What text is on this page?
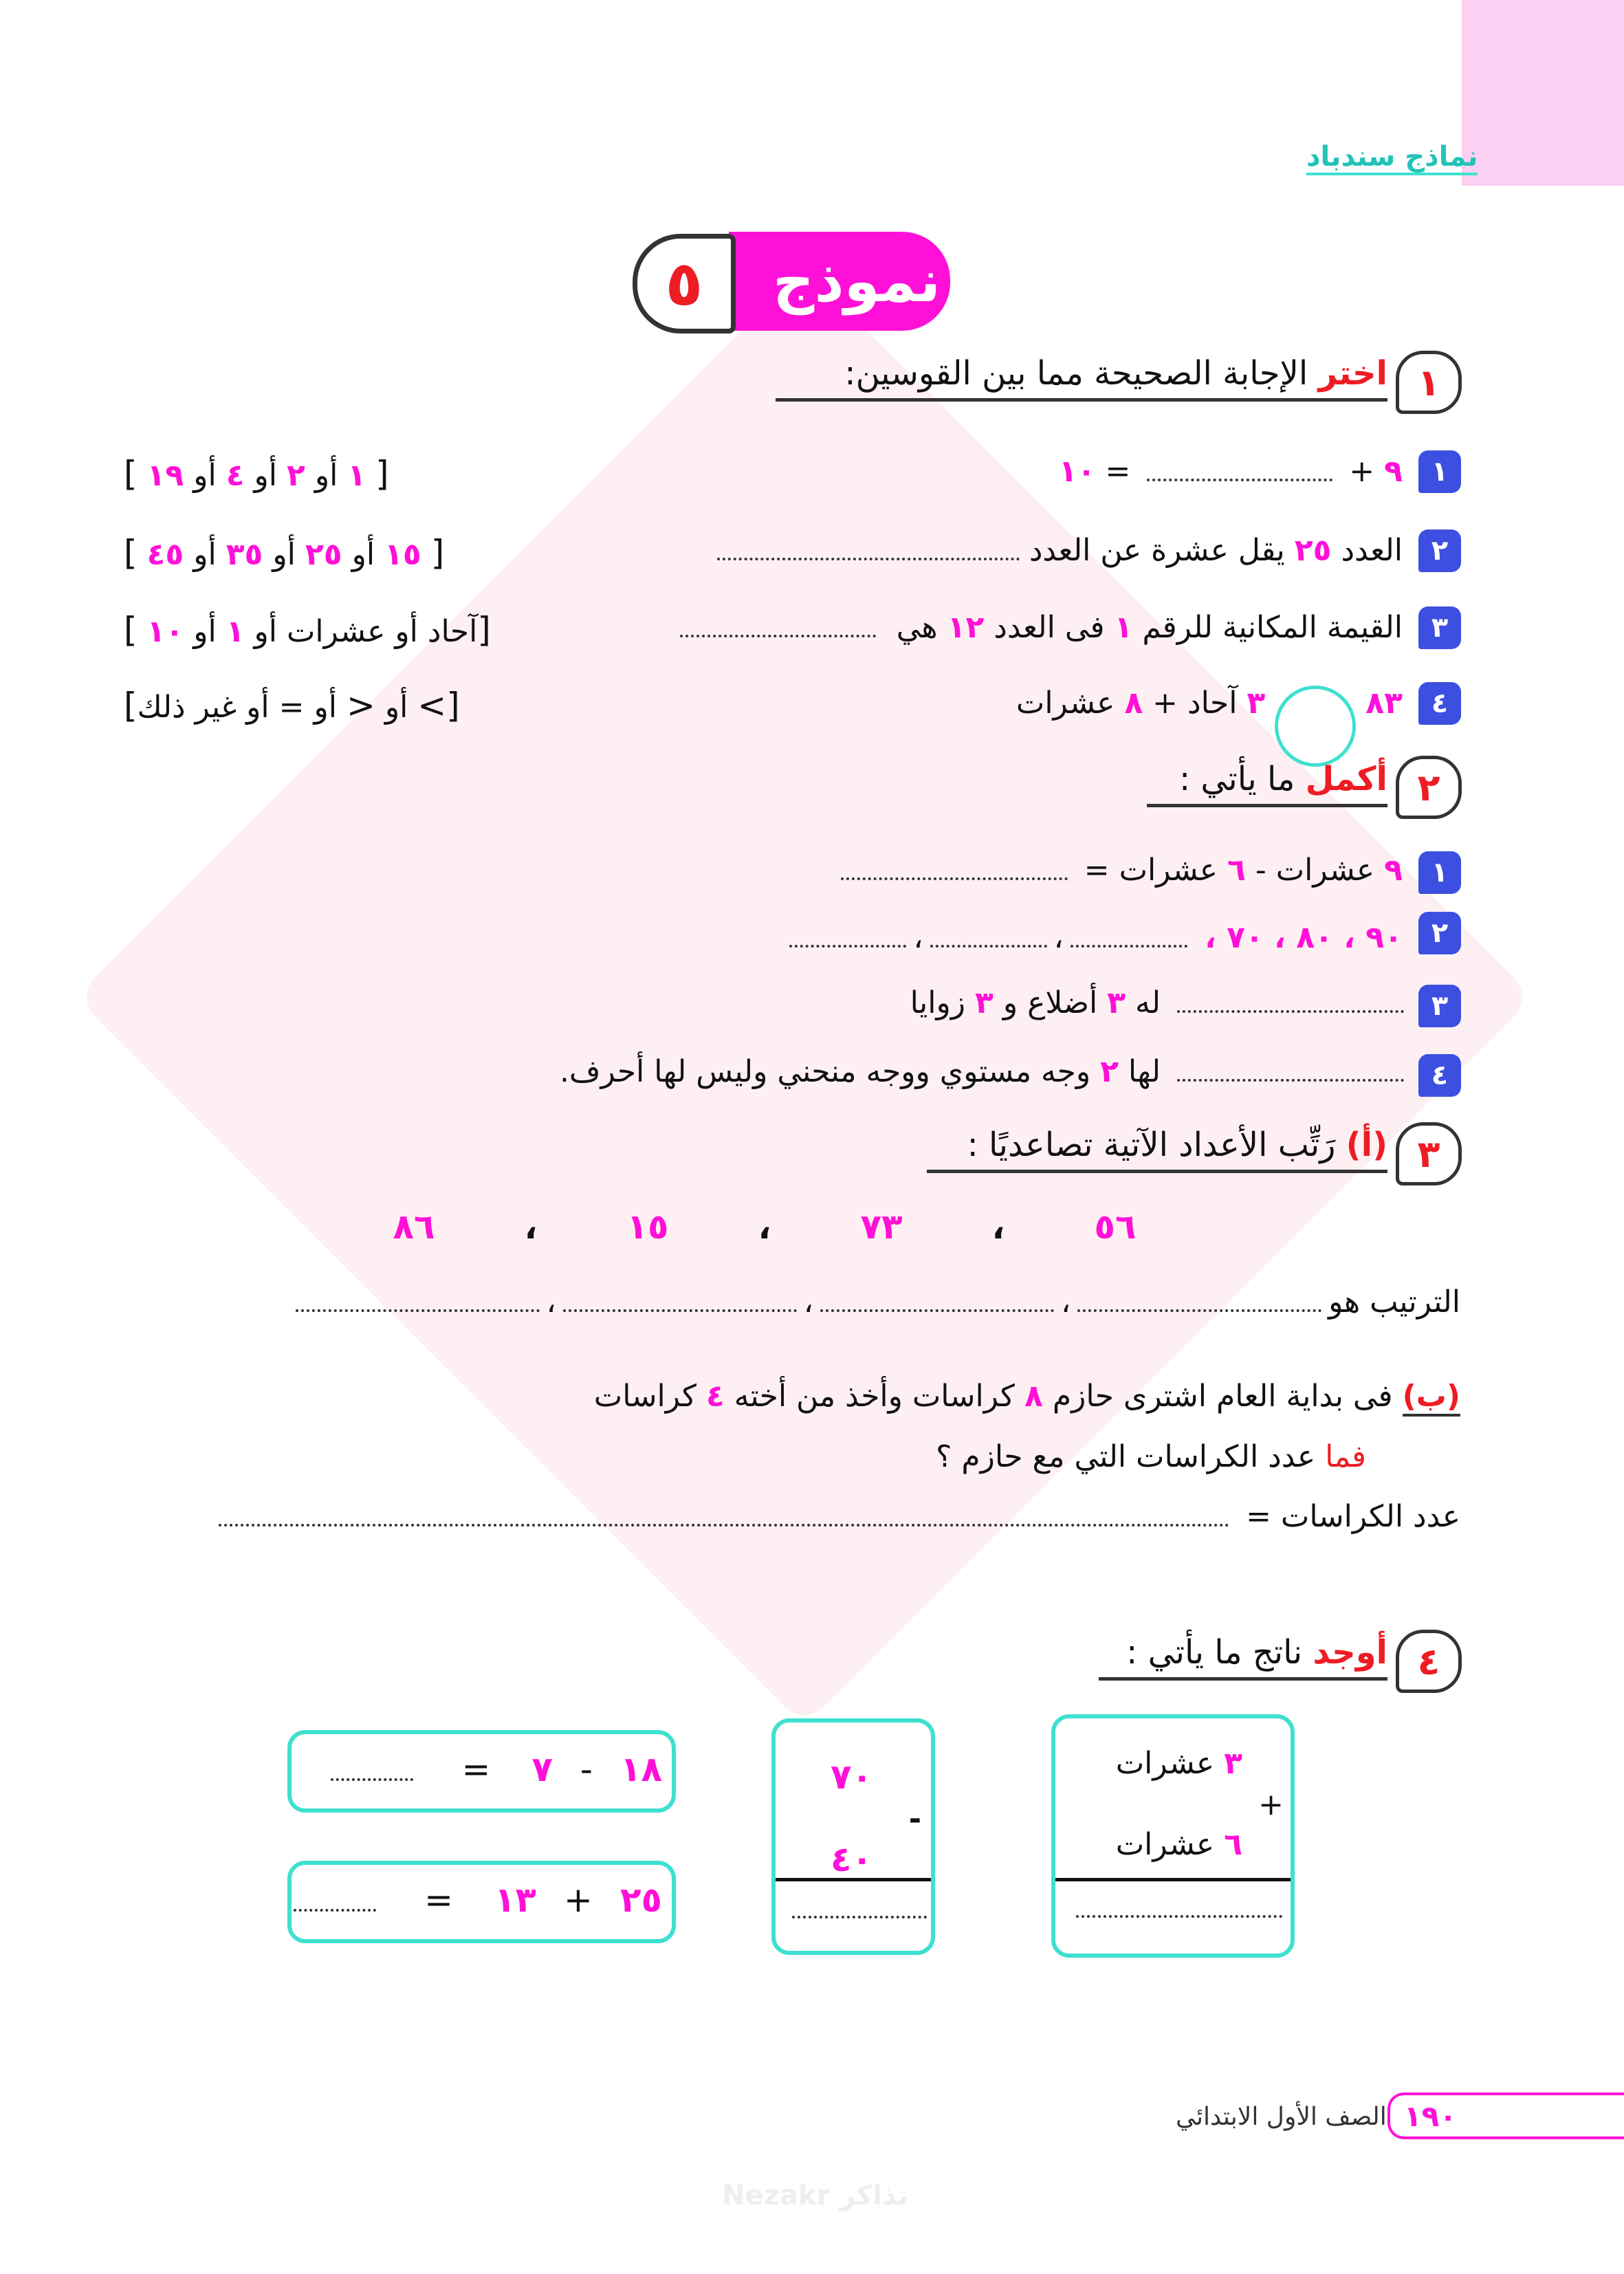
نماذج سندباد
نموذج
٥
١
اختر
الإجابة الصحيحة مما بين القوسين:
١
٩
+
=
١٠
]

١
أو
٢
أو
٤
أو
١٩

[
٢
العدد
٢٥
يقل عشرة عن العدد
]

١٥
أو
٢٥
أو
٣٥
أو
٤٥

[
٣
القيمة المكانية للرقم
١
فى العدد
١٢
هي
]
آحاد
أو
عشرات
أو
١
أو
١٠

[
٤
٨٣
٣
آحاد +
٨
عشرات
]
<
أو
>
أو
=
أو
غير ذلك
[
٢
أكمل
ما يأتي :
١
٩
عشرات -
٦
عشرات =
٢
٩٠ ، ٨٠ ، ٧٠ ،
،
،
٣
له
٣
أضلاع و
٣
زوايا
٤
لها
٢
وجه مستوي ووجه منحني وليس لها أحرف.
٣
(أ)
رَتِّب الأعداد الآتية تصاعديًا :
٥٦
،
٧٣
،
١٥
،
٨٦
الترتيب هو
،
،
،
(ب)
فى بداية العام اشترى حازم
٨
كراسات وأخذ من أخته
٤
كراسات
فما
عدد الكراسات التي مع حازم ؟
عدد الكراسات =
٤
أوجد
ناتج ما يأتي :
٣
عشرات
+
٦
عشرات
٧٠
-
٤٠
١٨
-
٧
=
٢٥
+
١٣
=
Nezakr تذاكر
الصف الأول الابتدائي ١٩٠
